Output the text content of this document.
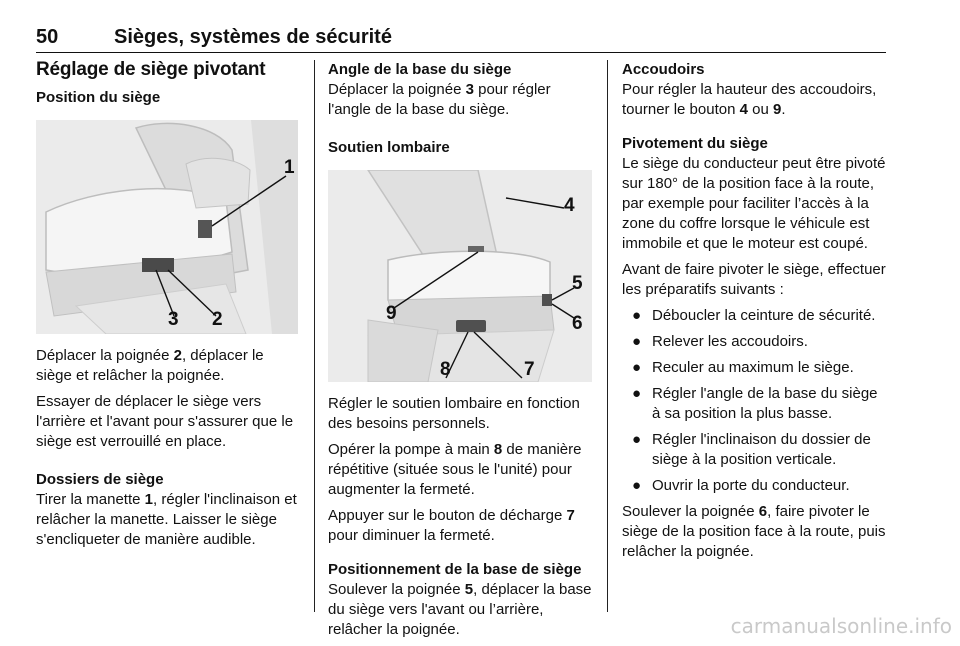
50	Sièges, systèmes de sécurité
Réglage de siège pivotant
Position du siège
1
3 2

Déplacer la poignée 2, déplacer le siège et relâcher la poignée.

Essayer de déplacer le siège vers l'arrière et l'avant pour s'assurer que le siège est verrouillé en place.

Dossiers de siège

Tirer la manette 1, régler l'inclinaison et relâcher la manette. Laisser le siège s'encliqueter de manière audible.

Angle de la base du siège

Déplacer la poignée 3 pour régler l'angle de la base du siège.

Soutien lombaire
4
5
9	6
8	7

Régler le soutien lombaire en fonction des besoins personnels.

Opérer la pompe à main 8 de manière répétitive (située sous le l'unité) pour augmenter la fermeté.

Appuyer sur le bouton de décharge 7 pour diminuer la fermeté.

Positionnement de la base de siège

Soulever la poignée 5, déplacer la base du siège vers l'avant ou l’arrière, relâcher la poignée.

Accoudoirs

Pour régler la hauteur des accoudoirs, tourner le bouton 4 ou 9.

Pivotement du siège

Le siège du conducteur peut être pivoté sur 180° de la position face à la route, par exemple pour faciliter l’accès à la zone du coffre lorsque le véhicule est immobile et que le moteur est coupé.

Avant de faire pivoter le siège, effectuer les préparatifs suivants :

● Déboucler la ceinture de sécurité.
● Relever les accoudoirs.
● Reculer au maximum le siège.
● Régler l'angle de la base du siège à sa position la plus basse.
● Régler l'inclinaison du dossier de siège à la position verticale.
● Ouvrir la porte du conducteur.

Soulever la poignée 6, faire pivoter le siège de la position face à la route, puis relâcher la poignée.

carmanualsonline.info
